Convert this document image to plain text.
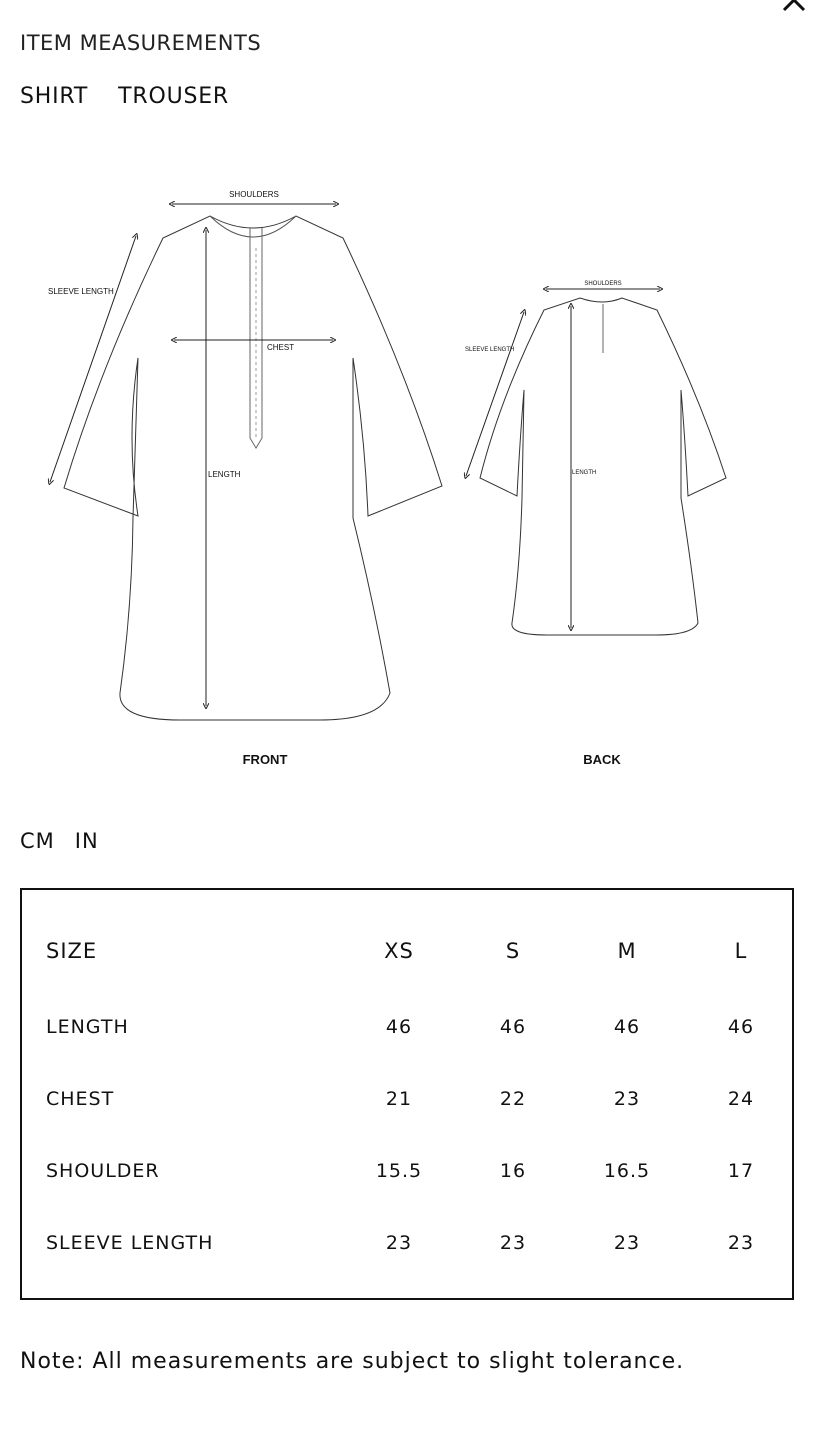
ITEM MEASUREMENTS
SHIRT TROUSER
SHOULDERS
SLEEVE LENGTH
CHEST
LENGTH
SHOULDERS
SLEEVE LENGTH
LENGTH
FRONT	BACK
CM IN
SIZE	XS	S	M	L
LENGTH	46	46	46	46
CHEST	21	22	23	24
SHOULDER	15.5	16	16.5	17
SLEEVE LENGTH	23	23	23	23
Note: All measurements are subject to slight tolerance.
